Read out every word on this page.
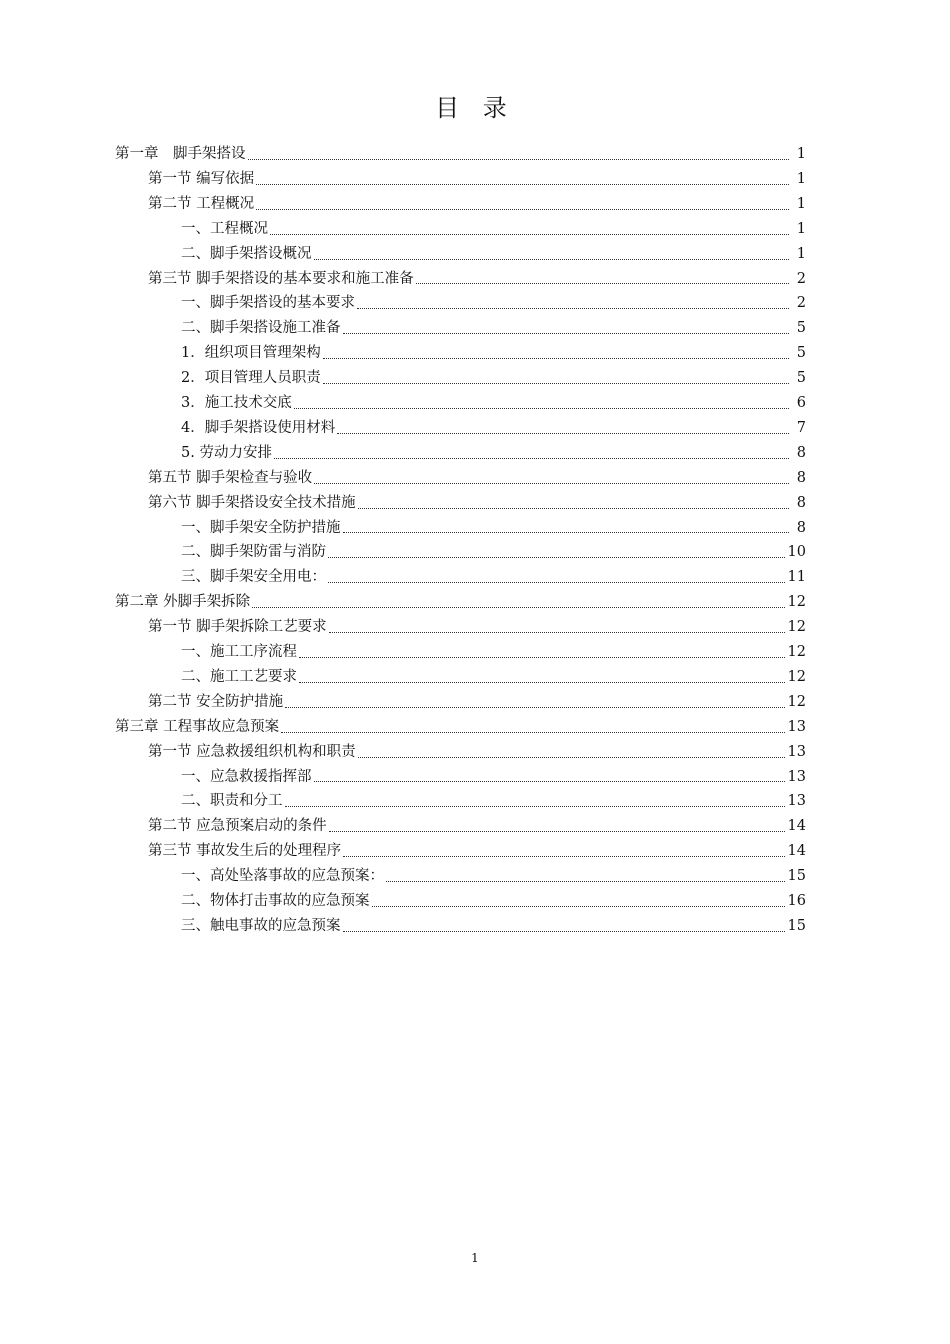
目 录
第一章　脚手架搭设	1
第一节 编写依据	1
第二节 工程概况	1
一、工程概况	1
二、脚手架搭设概况	1
第三节 脚手架搭设的基本要求和施工准备	2
一、脚手架搭设的基本要求	2
二、脚手架搭设施工准备	5
1．组织项目管理架构	5
2．项目管理人员职责	5
3．施工技术交底	6
4．脚手架搭设使用材料	7
5. 劳动力安排	8
第五节 脚手架检查与验收	8
第六节 脚手架搭设安全技术措施	8
一、脚手架安全防护措施	8
二、脚手架防雷与消防	10
三、脚手架安全用电：	11
第二章 外脚手架拆除	12
第一节 脚手架拆除工艺要求	12
一、施工工序流程	12
二、施工工艺要求	12
第二节 安全防护措施	12
第三章 工程事故应急预案	13
第一节 应急救援组织机构和职责	13
一、应急救援指挥部	13
二、职责和分工	13
第二节 应急预案启动的条件	14
第三节 事故发生后的处理程序	14
一、高处坠落事故的应急预案：	15
二、物体打击事故的应急预案	16
三、触电事故的应急预案	15
1
